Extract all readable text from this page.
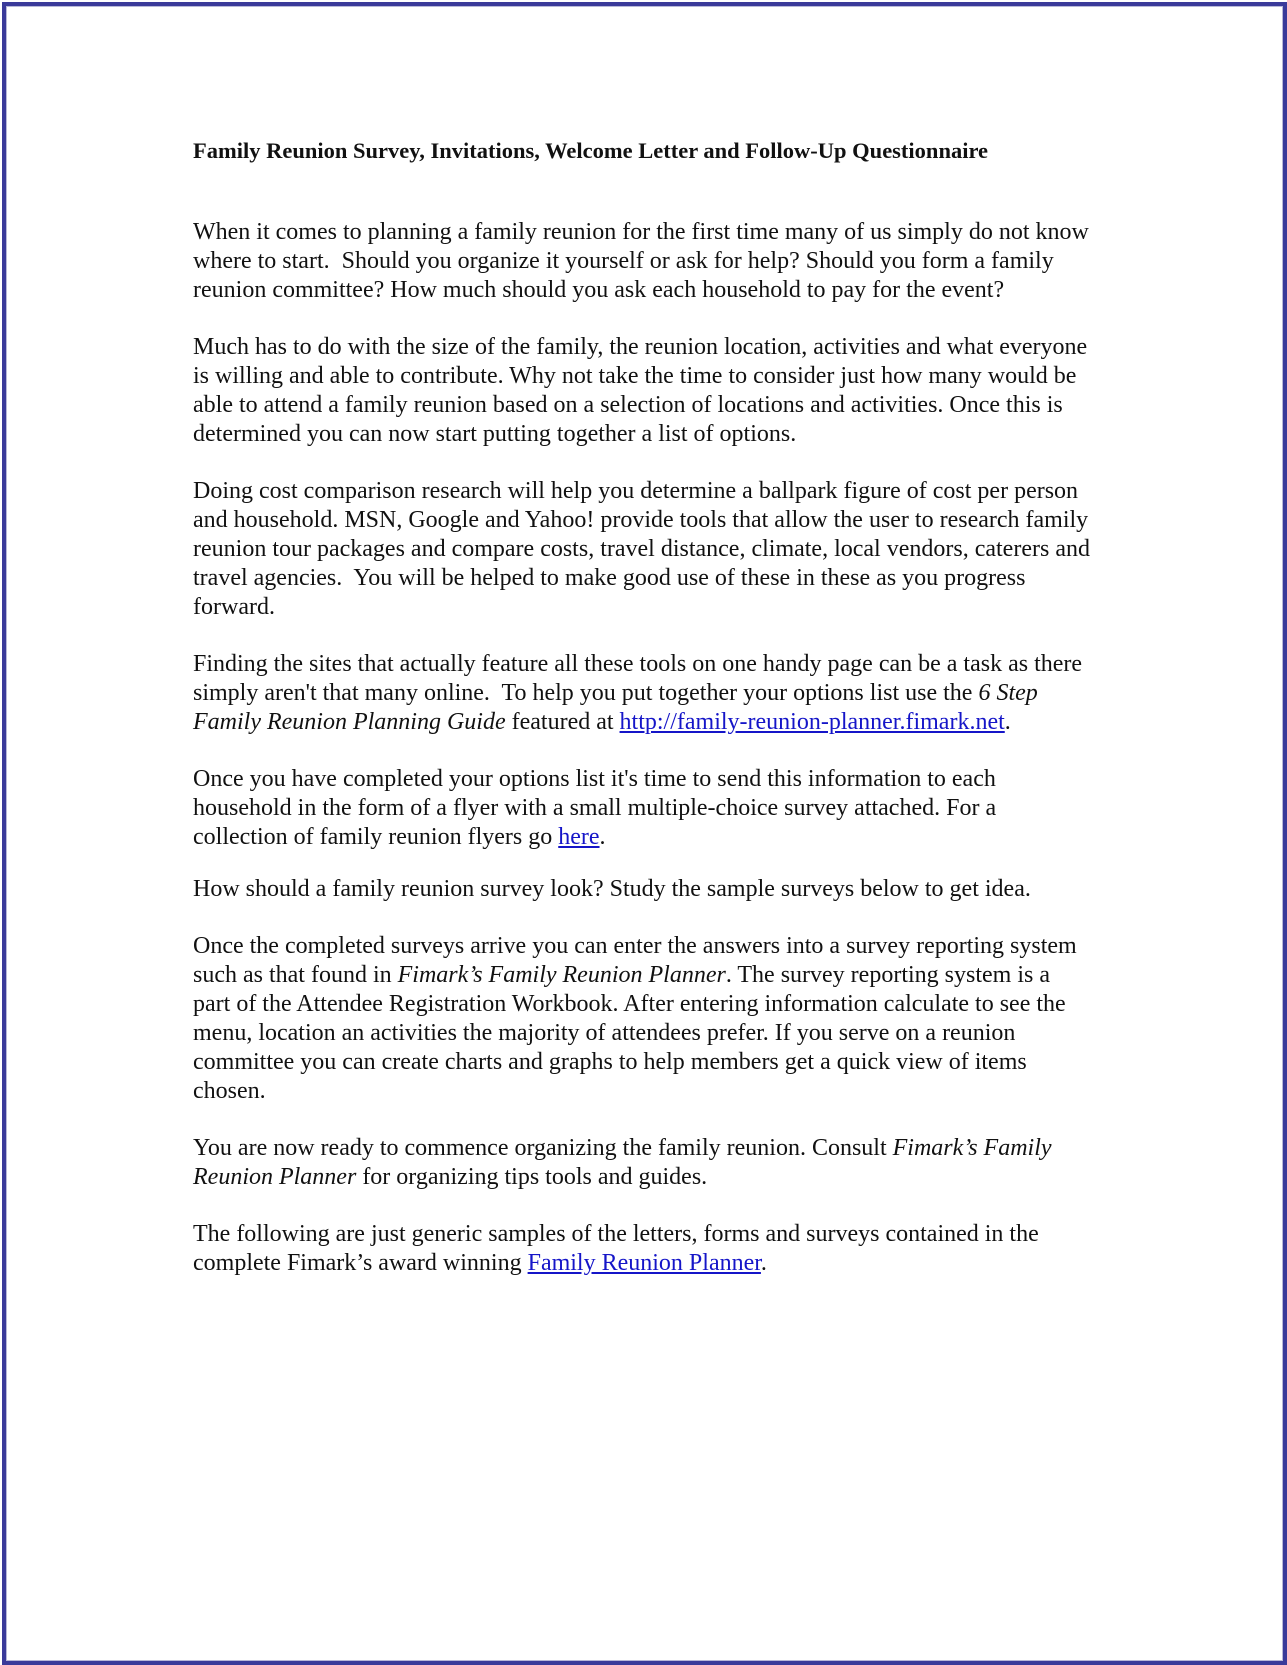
Family Reunion Survey, Invitations, Welcome Letter and Follow-Up Questionnaire

When it comes to planning a family reunion for the first time many of us simply do not know where to start.  Should you organize it yourself or ask for help? Should you form a family reunion committee? How much should you ask each household to pay for the event?

Much has to do with the size of the family, the reunion location, activities and what everyone is willing and able to contribute. Why not take the time to consider just how many would be able to attend a family reunion based on a selection of locations and activities. Once this is determined you can now start putting together a list of options.

Doing cost comparison research will help you determine a ballpark figure of cost per person and household. MSN, Google and Yahoo! provide tools that allow the user to research family reunion tour packages and compare costs, travel distance, climate, local vendors, caterers and travel agencies.  You will be helped to make good use of these in these as you progress forward.

Finding the sites that actually feature all these tools on one handy page can be a task as there simply aren't that many online.  To help you put together your options list use the 6 Step Family Reunion Planning Guide featured at http://family-reunion-planner.fimark.net.

Once you have completed your options list it's time to send this information to each household in the form of a flyer with a small multiple-choice survey attached. For a collection of family reunion flyers go here.

How should a family reunion survey look? Study the sample surveys below to get idea.

Once the completed surveys arrive you can enter the answers into a survey reporting system such as that found in Fimark’s Family Reunion Planner. The survey reporting system is a part of the Attendee Registration Workbook. After entering information calculate to see the menu, location an activities the majority of attendees prefer. If you serve on a reunion committee you can create charts and graphs to help members get a quick view of items chosen.

You are now ready to commence organizing the family reunion. Consult Fimark’s Family Reunion Planner for organizing tips tools and guides.

The following are just generic samples of the letters, forms and surveys contained in the complete Fimark’s award winning Family Reunion Planner.
